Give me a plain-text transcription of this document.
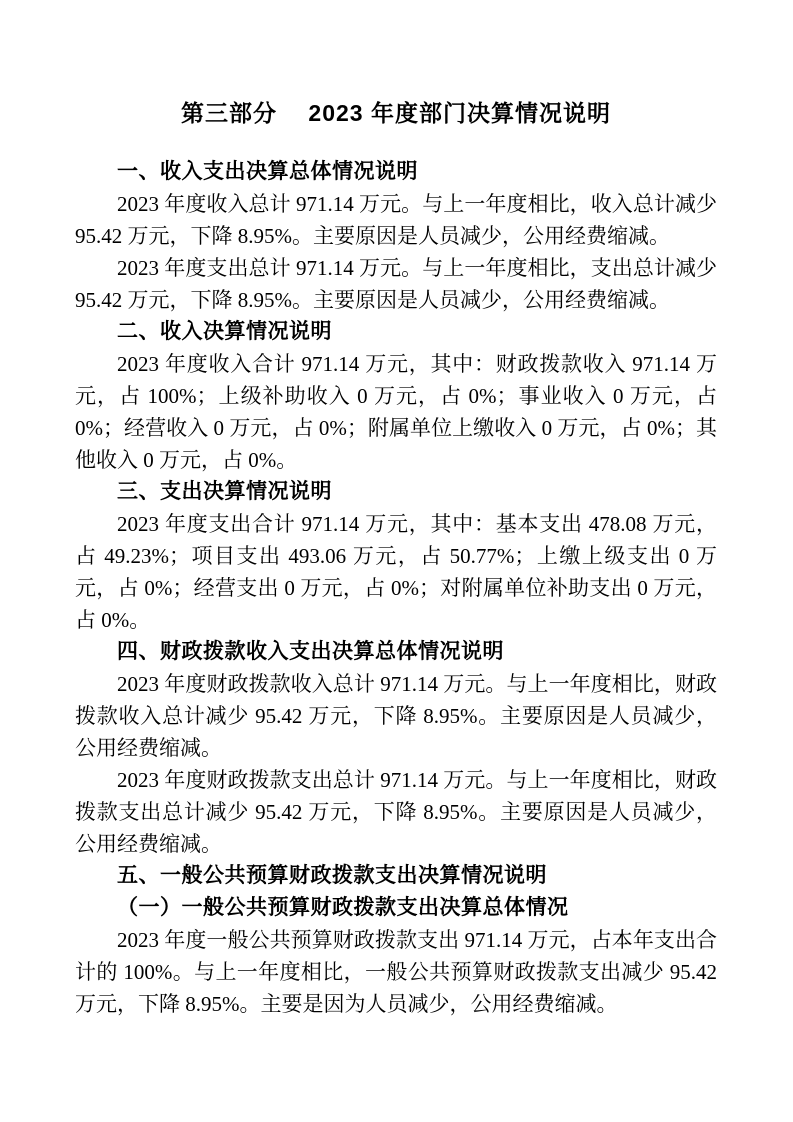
第三部分　 2023 年度部门决算情况说明
一、收入支出决算总体情况说明

2023 年度收入总计 971.14 万元。与上一年度相比，收入总计减少 95.42 万元，下降 8.95%。主要原因是人员减少，公用经费缩减。

2023 年度支出总计 971.14 万元。与上一年度相比，支出总计减少 95.42 万元，下降 8.95%。主要原因是人员减少，公用经费缩减。

二、收入决算情况说明

2023 年度收入合计 971.14 万元，其中：财政拨款收入 971.14 万元，占 100%；上级补助收入 0 万元，占 0%；事业收入 0 万元，占 0%；经营收入 0 万元，占 0%；附属单位上缴收入 0 万元，占 0%；其他收入 0 万元，占 0%。

三、支出决算情况说明

2023 年度支出合计 971.14 万元，其中：基本支出 478.08 万元，占 49.23%；项目支出 493.06 万元，占 50.77%；上缴上级支出 0 万元，占 0%；经营支出 0 万元，占 0%；对附属单位补助支出 0 万元，占 0%。

四、财政拨款收入支出决算总体情况说明

2023 年度财政拨款收入总计 971.14 万元。与上一年度相比，财政拨款收入总计减少 95.42 万元，下降 8.95%。主要原因是人员减少，公用经费缩减。

2023 年度财政拨款支出总计 971.14 万元。与上一年度相比，财政拨款支出总计减少 95.42 万元，下降 8.95%。主要原因是人员减少，公用经费缩减。

五、一般公共预算财政拨款支出决算情况说明
（一）一般公共预算财政拨款支出决算总体情况

2023 年度一般公共预算财政拨款支出 971.14 万元，占本年支出合计的 100%。与上一年度相比，一般公共预算财政拨款支出减少 95.42 万元，下降 8.95%。主要是因为人员减少，公用经费缩减。
